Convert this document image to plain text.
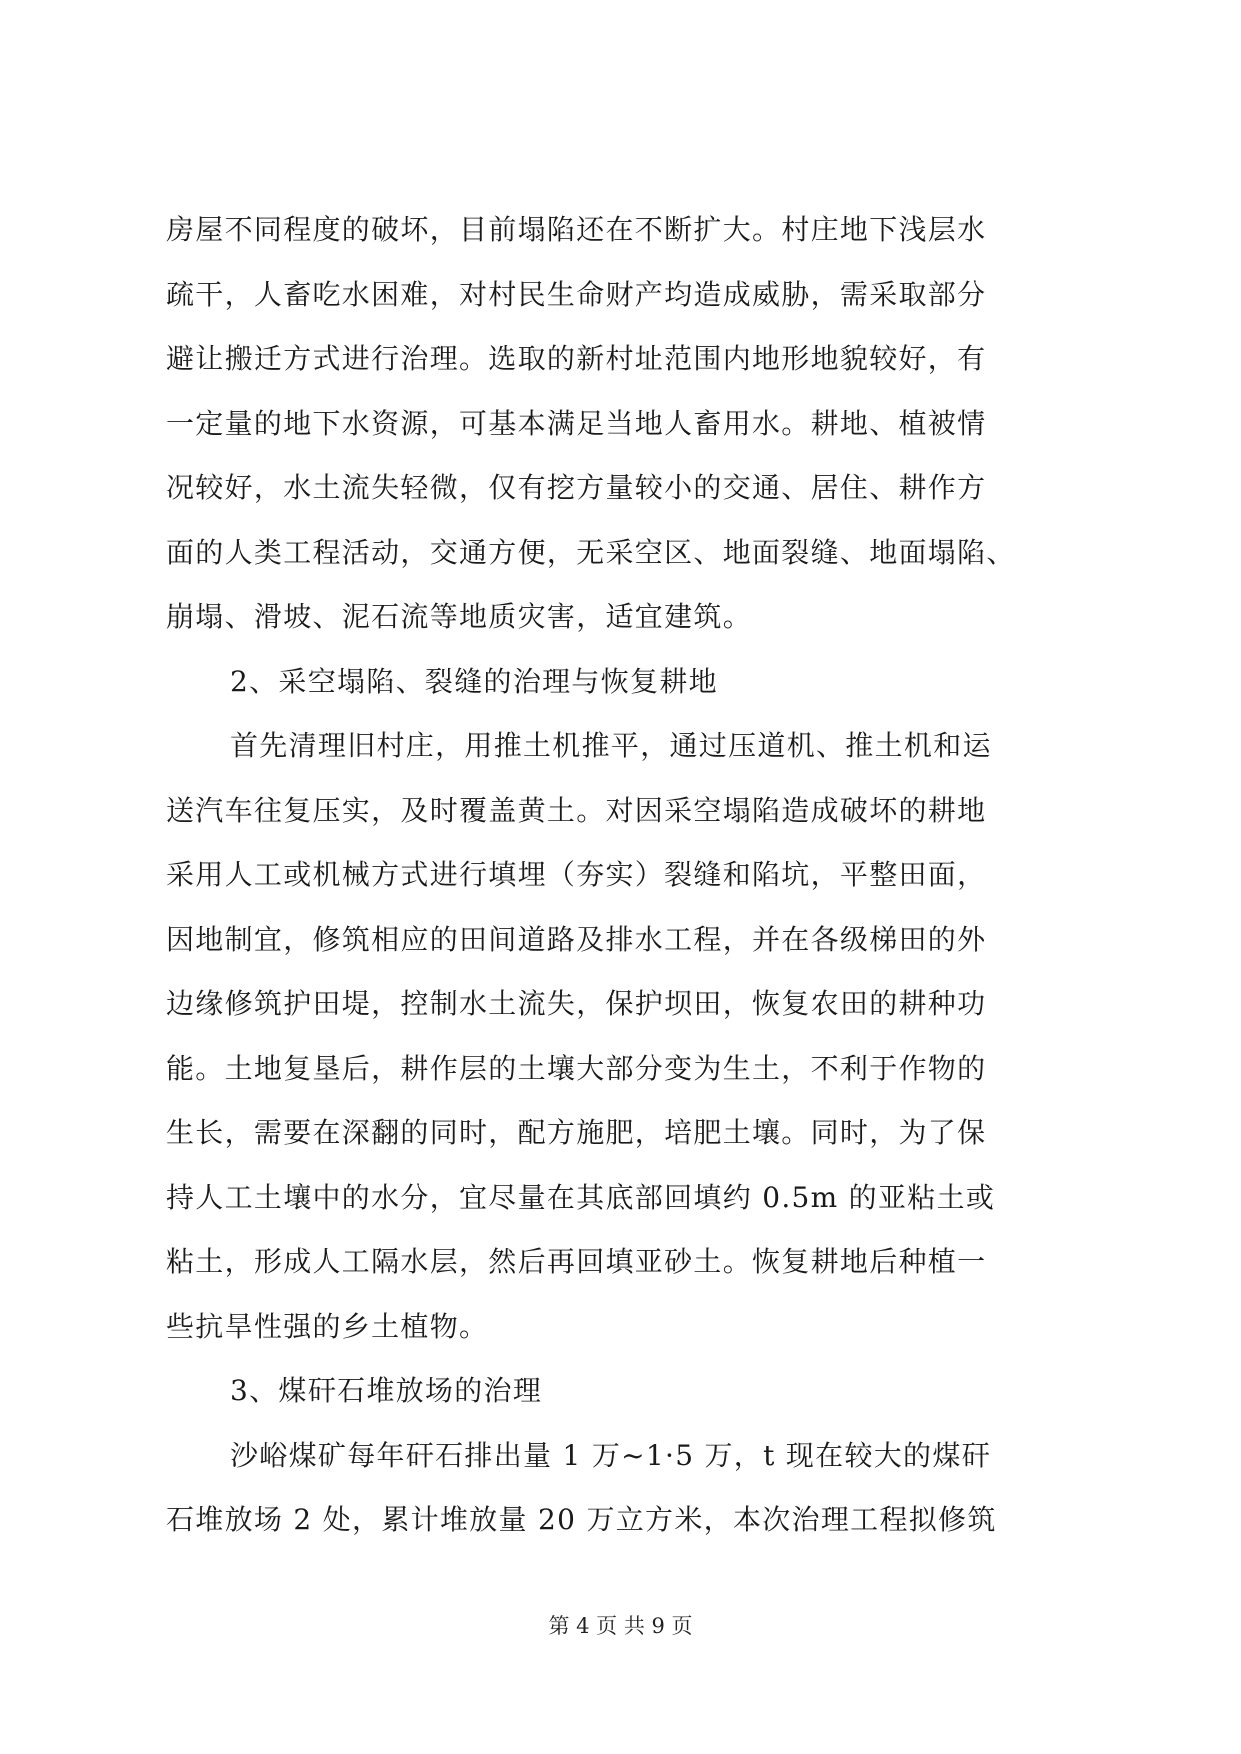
房屋不同程度的破坏，目前塌陷还在不断扩大。村庄地下浅层水
疏干，人畜吃水困难，对村民生命财产均造成威胁，需采取部分
避让搬迁方式进行治理。选取的新村址范围内地形地貌较好，有
一定量的地下水资源，可基本满足当地人畜用水。耕地、植被情
况较好，水土流失轻微，仅有挖方量较小的交通、居住、耕作方
面的人类工程活动，交通方便，无采空区、地面裂缝、地面塌陷、
崩塌、滑坡、泥石流等地质灾害，适宜建筑。
2、采空塌陷、裂缝的治理与恢复耕地
首先清理旧村庄，用推土机推平，通过压道机、推土机和运
送汽车往复压实，及时覆盖黄土。对因采空塌陷造成破坏的耕地
采用人工或机械方式进行填埋（夯实）裂缝和陷坑，平整田面，
因地制宜，修筑相应的田间道路及排水工程，并在各级梯田的外
边缘修筑护田堤，控制水土流失，保护坝田，恢复农田的耕种功
能。土地复垦后，耕作层的土壤大部分变为生土，不利于作物的
生长，需要在深翻的同时，配方施肥，培肥土壤。同时，为了保
持人工土壤中的水分，宜尽量在其底部回填约 0.5m 的亚粘土或
粘土，形成人工隔水层，然后再回填亚砂土。恢复耕地后种植一
些抗旱性强的乡土植物。
3、煤矸石堆放场的治理
沙峪煤矿每年矸石排出量 1 万~1·5 万，t 现在较大的煤矸
石堆放场 2 处，累计堆放量 20 万立方米，本次治理工程拟修筑
第 4 页 共 9 页
